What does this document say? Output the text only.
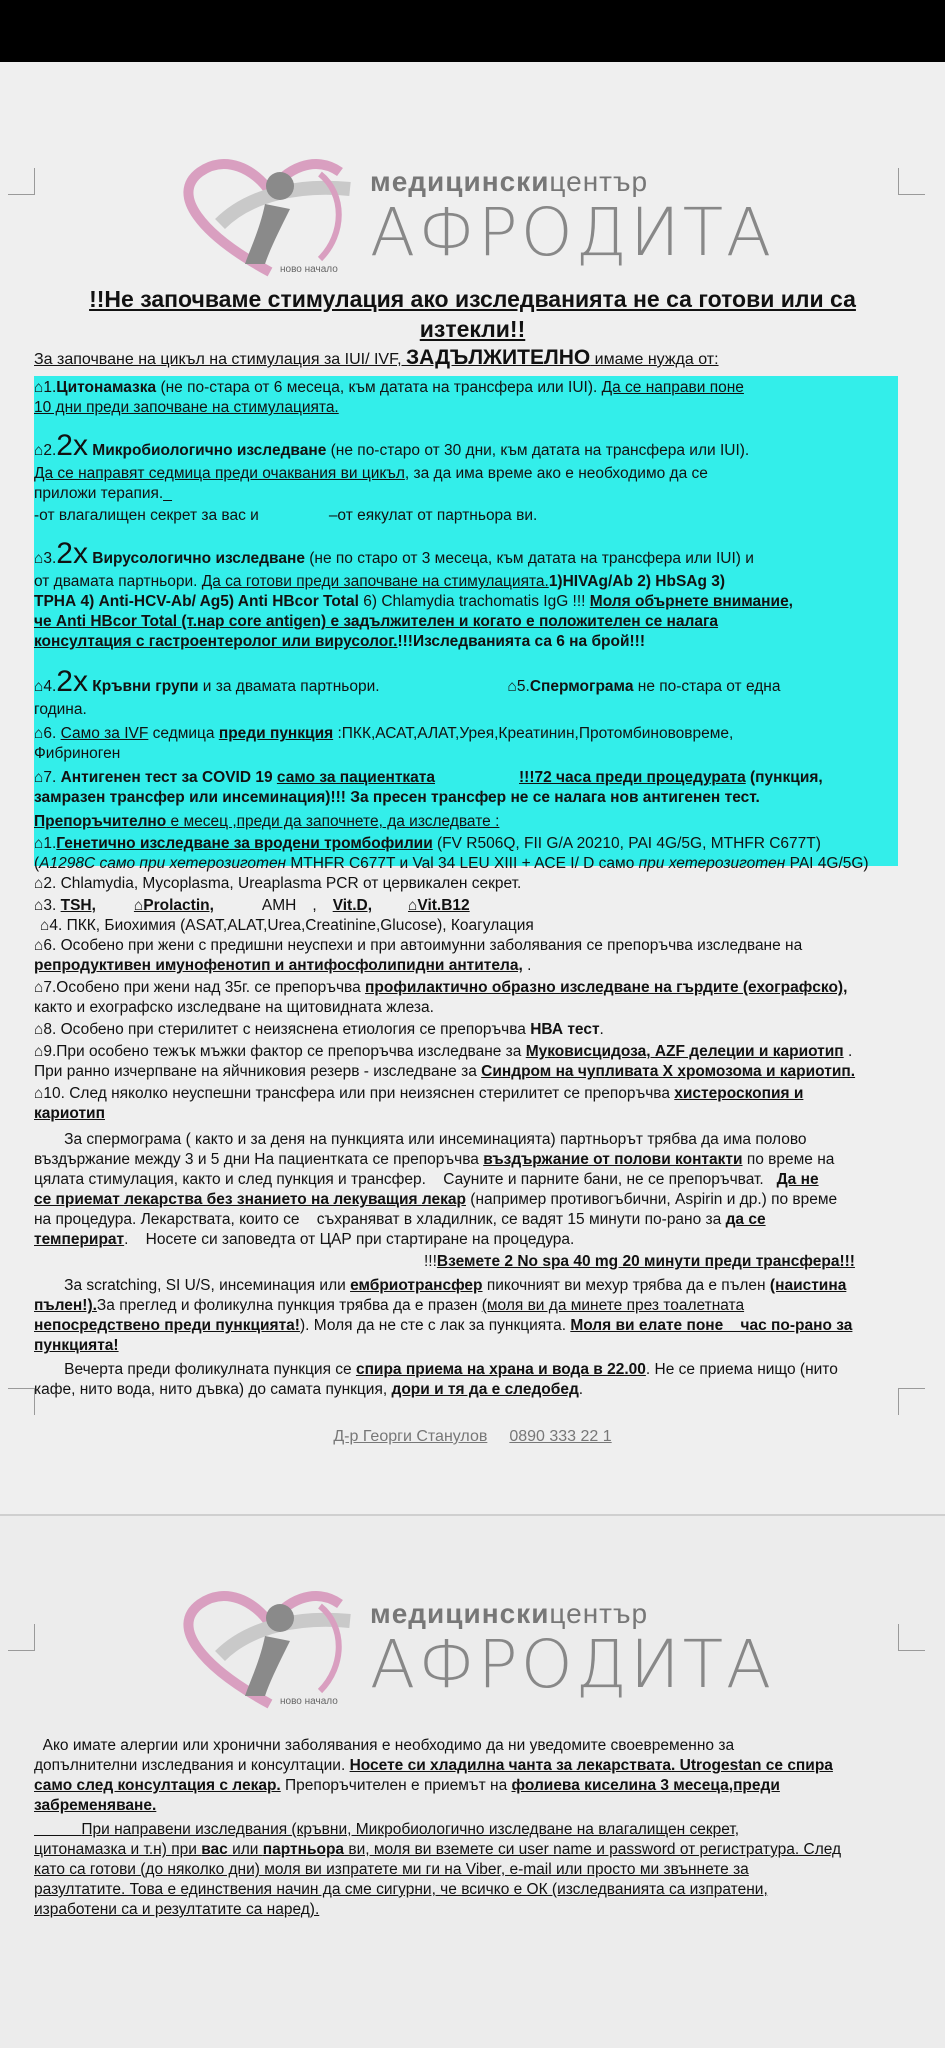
медицинскицентър
АФРОДИТА
ново начало
!!Не започваме стимулация ако изследванията не са готови или са
изтекли!!
За започване на цикъл на стимулация за IUI/ IVF, ЗАДЪЛЖИТЕЛНО имаме нужда от:
⌂1.Цитонамазка (не по-стара от 6 месеца, към датата на трансфера или IUI). Да се направи поне
10 дни преди започване на стимулацията.
⌂2.2х Микробиологично изследване (не по-старо от 30 дни, към датата на трансфера или IUI).
Да се направят седмица преди очаквания ви цикъл, за да има време ако е необходимо да се
приложи терапия._
-от влагалищен секрет за вас и	–от еякулат от партньора ви.
⌂3.2х Вирусологично изследване (не по старо от 3 месеца, към датата на трансфера или IUI) и
от двамата партньори. Да са готови преди започване на стимулацията.1)HIVAg/Ab 2) HbSAg 3)
ТРНА 4) Anti-HCV-Ab/ Ag5) Anti HBcor Total 6) Chlamydia trachomatis IgG !!! Моля обърнете внимание,
че Anti HBcor Total (т.нар core antigen) е задължителен и когато е положителен се налага
консултация с гастроентеролог или вирусолог.!!!Изследванията са 6 на брой!!!
⌂4.2х Кръвни групи и за двамата партньори.	⌂5.Спермограма не по-стара от една
година.
⌂6. Само за IVF седмица преди пункция :ПКК,АСАТ,АЛАТ,Урея,Креатинин,Протомбинововреме,
Фибриноген
⌂7. Антигенен тест за COVID 19 само за пациентката	!!!72 часа преди процедурата (пункция,
замразен трансфер или инсеминация)!!! За пресен трансфер не се налага нов антигенен тест.
Препоръчително е месец ,преди да започнете, да изследвате :
⌂1.Генетично изследване за вродени тромбофилии (FV R506Q, FII G/A 20210, PAI 4G/5G, MTHFR C677T)
(A1298C само при хетерозиготен MTHFR C677T и Val 34 LEU XIII + ACE I/ D само при хетерозиготен PAI 4G/5G)
⌂2. Chlamydia, Mycoplasma, Ureaplasma PCR от цервикален секрет.
⌂3. TSH, ⌂Prolactin,	АМН , Vit.D, ⌂Vit.B12
⌂4. ПКК, Биохимия (ASAT,ALAT,Urea,Creatinine,Glucose), Коагулация
⌂6. Особено при жени с предишни неуспехи и при автоимунни заболявания се препоръчва изследване на
репродуктивен имунофенотип и антифосфолипидни антитела, .
⌂7.Особено при жени над 35г. се препоръчва профилактично образно изследване на гърдите (ехографско),
както и ехографско изследване на щитовидната жлеза.
⌂8. Особено при стерилитет с неизяснена етиология се препоръчва НВА тест.
⌂9.При особено тежък мъжки фактор се препоръчва изследване за Муковисцидоза, AZF делеции и кариотип .
При ранно изчерпване на яйчниковия резерв - изследване за Синдром на чупливата Х хромозома и кариотип.
⌂10. След няколко неуспешни трансфера или при неизяснен стерилитет се препоръчва хистероскопия и
кариотип
За спермограма ( както и за деня на пункцията или инсеминацията) партньорът трябва да има полово
въздържание между 3 и 5 дни На пациентката се препоръчва въздържание от полови контакти по време на
цялата стимулация, както и след пункция и трансфер.    Сауните и парните бани, не се препоръчват.   Да не
се приемат лекарства без знанието на лекуващия лекар (например противогъбични, Aspirin и др.) по време
на процедура. Лекарствата, които се    съхраняват в хладилник, се вадят 15 минути по-рано за да се
темперират.    Носете си заповедта от ЦАР при стартиране на процедура.
!!!Вземете 2 No spa 40 mg 20 минути преди трансфера!!!
За scratching, SI U/S, инсеминация или ембриотрансфер пикочният ви мехур трябва да е пълен (наистина
пълен!).За преглед и фоликулна пункция трябва да е празен (моля ви да минете през тоалетната
непосредствено преди пункцията!). Моля да не сте с лак за пункцията. Моля ви елате поне    час по-рано за
пункцията!
Вечерта преди фоликулната пункция се спира приема на храна и вода в 22.00. Не се приема нищо (нито
кафе, нито вода, нито дъвка) до самата пункция, дори и тя да е следобед.
Д-р Георги Станулов 0890 333 22 1
медицинскицентър
АФРОДИТА
ново начало
Ако имате алергии или хронични заболявания е необходимо да ни уведомите своевременно за
допълнителни изследвания и консултации. Носете си хладилна чанта за лекарствата. Utrogestan се спира
само след консултация с лекар. Препоръчителен е приемът на фолиева киселина 3 месеца,преди
забременяване.
При направени изследвания (кръвни, Микробиологично изследване на влагалищен секрет,
цитонамазка и т.н) при вас или партньора ви, моля ви вземете си user name и password от регистратура. След
като са готови (до няколко дни) моля ви изпратете ми ги на Viber, e-mail или просто ми звъннете за
разултатите. Това е единствения начин да сме сигурни, че всичко е ОК (изследванията са изпратени,
изработени са и резултатите са наред).
